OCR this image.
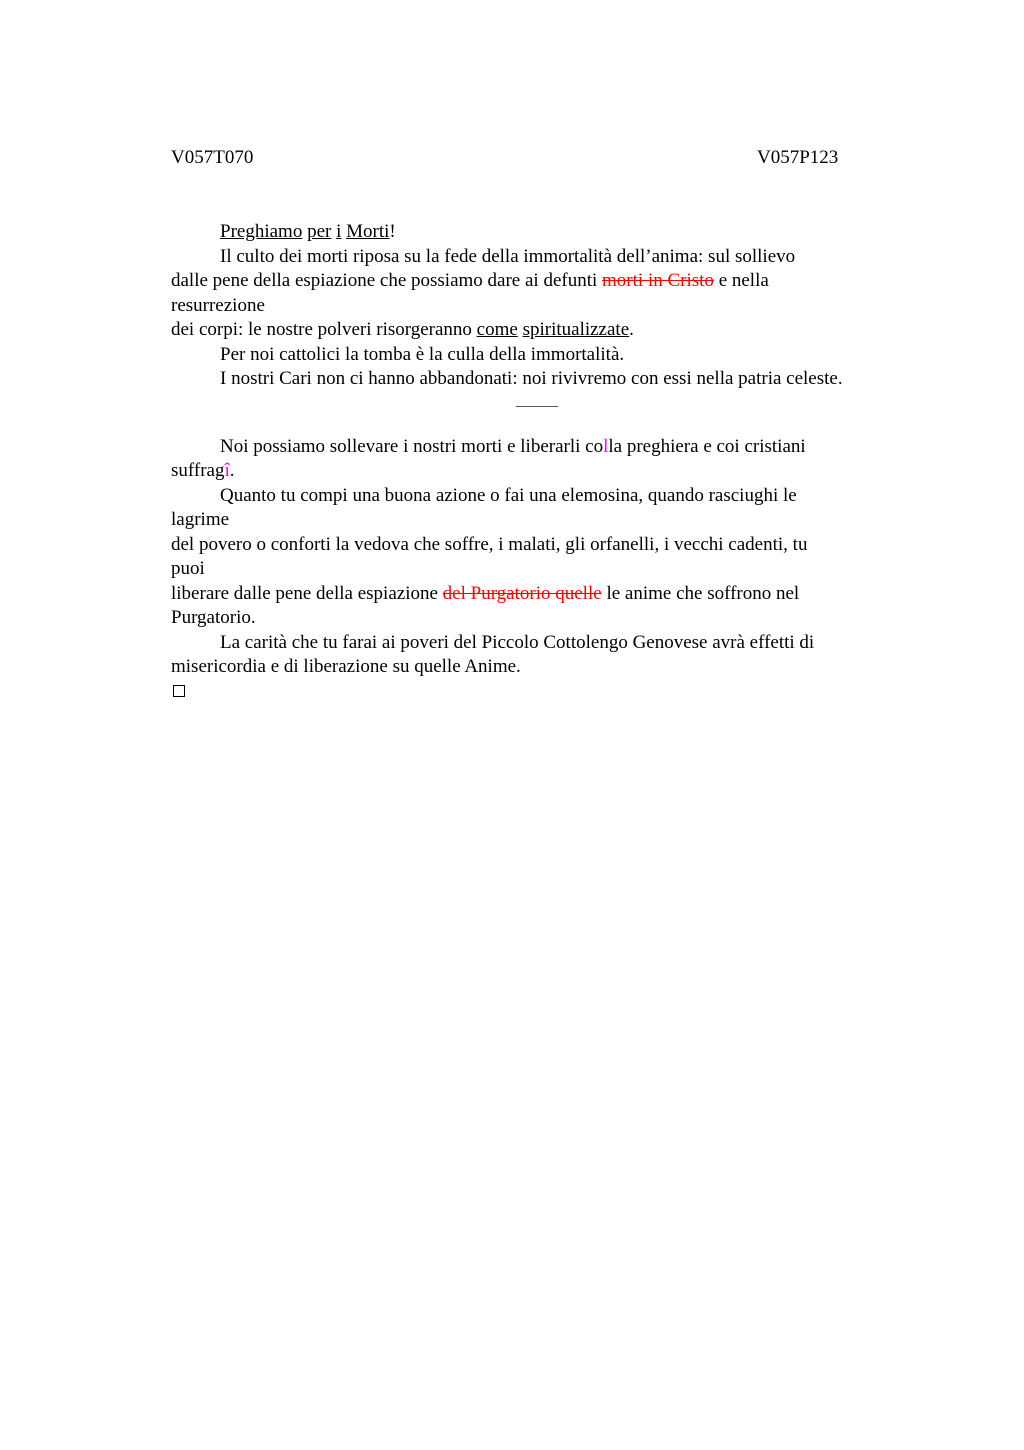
V057T070	V057P123
Preghiamo per i Morti!
Il culto dei morti riposa su la fede della immortalità dell’anima: sul sollievo
dalle pene della espiazione che possiamo dare ai defunti morti in Cristo e nella
resurrezione
dei corpi: le nostre polveri risorgeranno come spiritualizzate.
Per noi cattolici la tomba è la culla della immortalità.
I nostri Cari non ci hanno abbandonati: noi rivivremo con essi nella patria celeste.
Noi possiamo sollevare i nostri morti e liberarli colla preghiera e coi cristiani
suffragî.
Quanto tu compi una buona azione o fai una elemosina, quando rasciughi le
lagrime
del povero o conforti la vedova che soffre, i malati, gli orfanelli, i vecchi cadenti, tu
puoi
liberare dalle pene della espiazione del Purgatorio quelle le anime che soffrono nel
Purgatorio.
La carità che tu farai ai poveri del Piccolo Cottolengo Genovese avrà effetti di
misericordia e di liberazione su quelle Anime.
